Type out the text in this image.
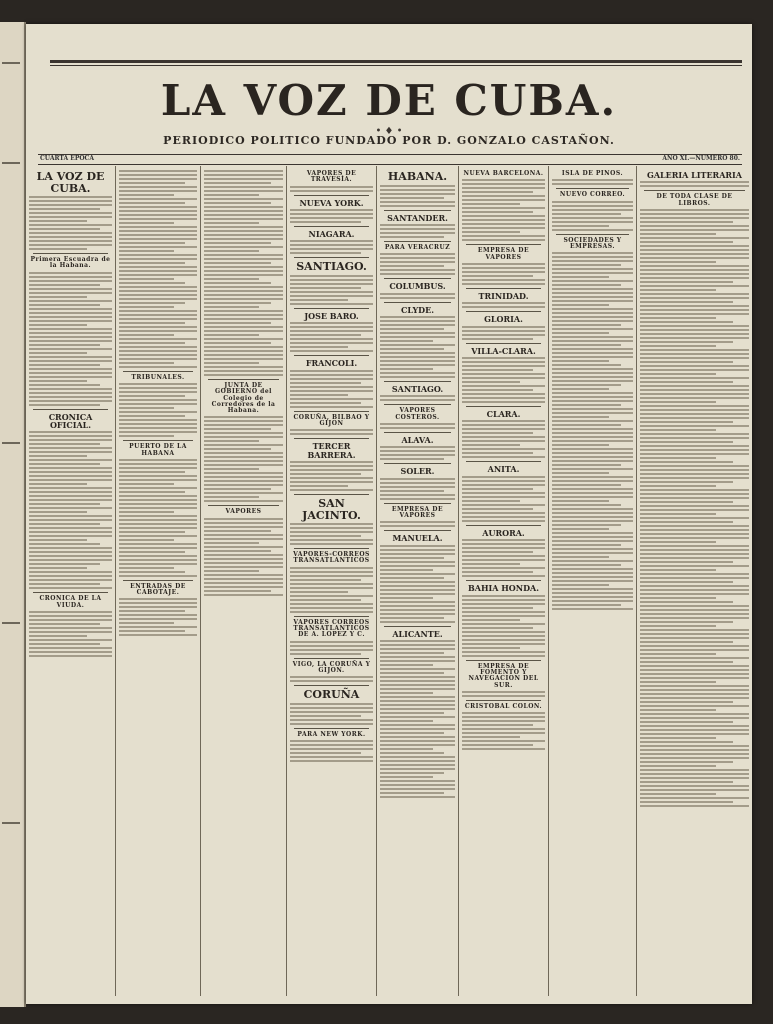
LA VOZ DE CUBA.
• ♦ •
PERIODICO POLITICO FUNDADO POR D. GONZALO CASTAÑON.
CUARTA EPOCA	AÑO XI.—NUMERO 80.
LA VOZ DE CUBA.
Primera Escuadra de la Habana.
CRONICA OFICIAL.
CRONICA DE LA VIUDA.
TRIBUNALES.
PUERTO DE LA HABANA
ENTRADAS DE CABOTAJE.
JUNTA DE GOBIERNO del Colegio de Corredores de la Habana.
VAPORES
VAPORES DE TRAVESÍA.
NUEVA YORK.
NIAGARA.
SANTIAGO.
JOSE BARO.
FRANCOLI.
CORUÑA, BILBAO Y GIJON
TERCER BARRERA.
SAN JACINTO.
VAPORES-CORREOS TRANSATLANTICOS
VAPORES CORREOS TRANSATLANTICOS DE A. LOPEZ Y C.
VIGO, LA CORUÑA Y GIJON.
CORUÑA
PARA NEW YORK.
HABANA.
SANTANDER.
PARA VERACRUZ
COLUMBUS.
CLYDE.
SANTIAGO.
VAPORES COSTEROS.
ALAVA.
SOLER.
EMPRESA DE VAPORES
MANUELA.
ALICANTE.
NUEVA BARCELONA.
EMPRESA DE VAPORES
TRINIDAD.
GLORIA.
VILLA-CLARA.
CLARA.
ANITA.
AURORA.
BAHIA HONDA.
EMPRESA DE FOMENTO Y NAVEGACION DEL SUR.
CRISTOBAL COLON.
ISLA DE PINOS.
NUEVO CORREO.
SOCIEDADES Y EMPRESAS.
GALERIA LITERARIA
DE TODA CLASE DE LIBROS.
